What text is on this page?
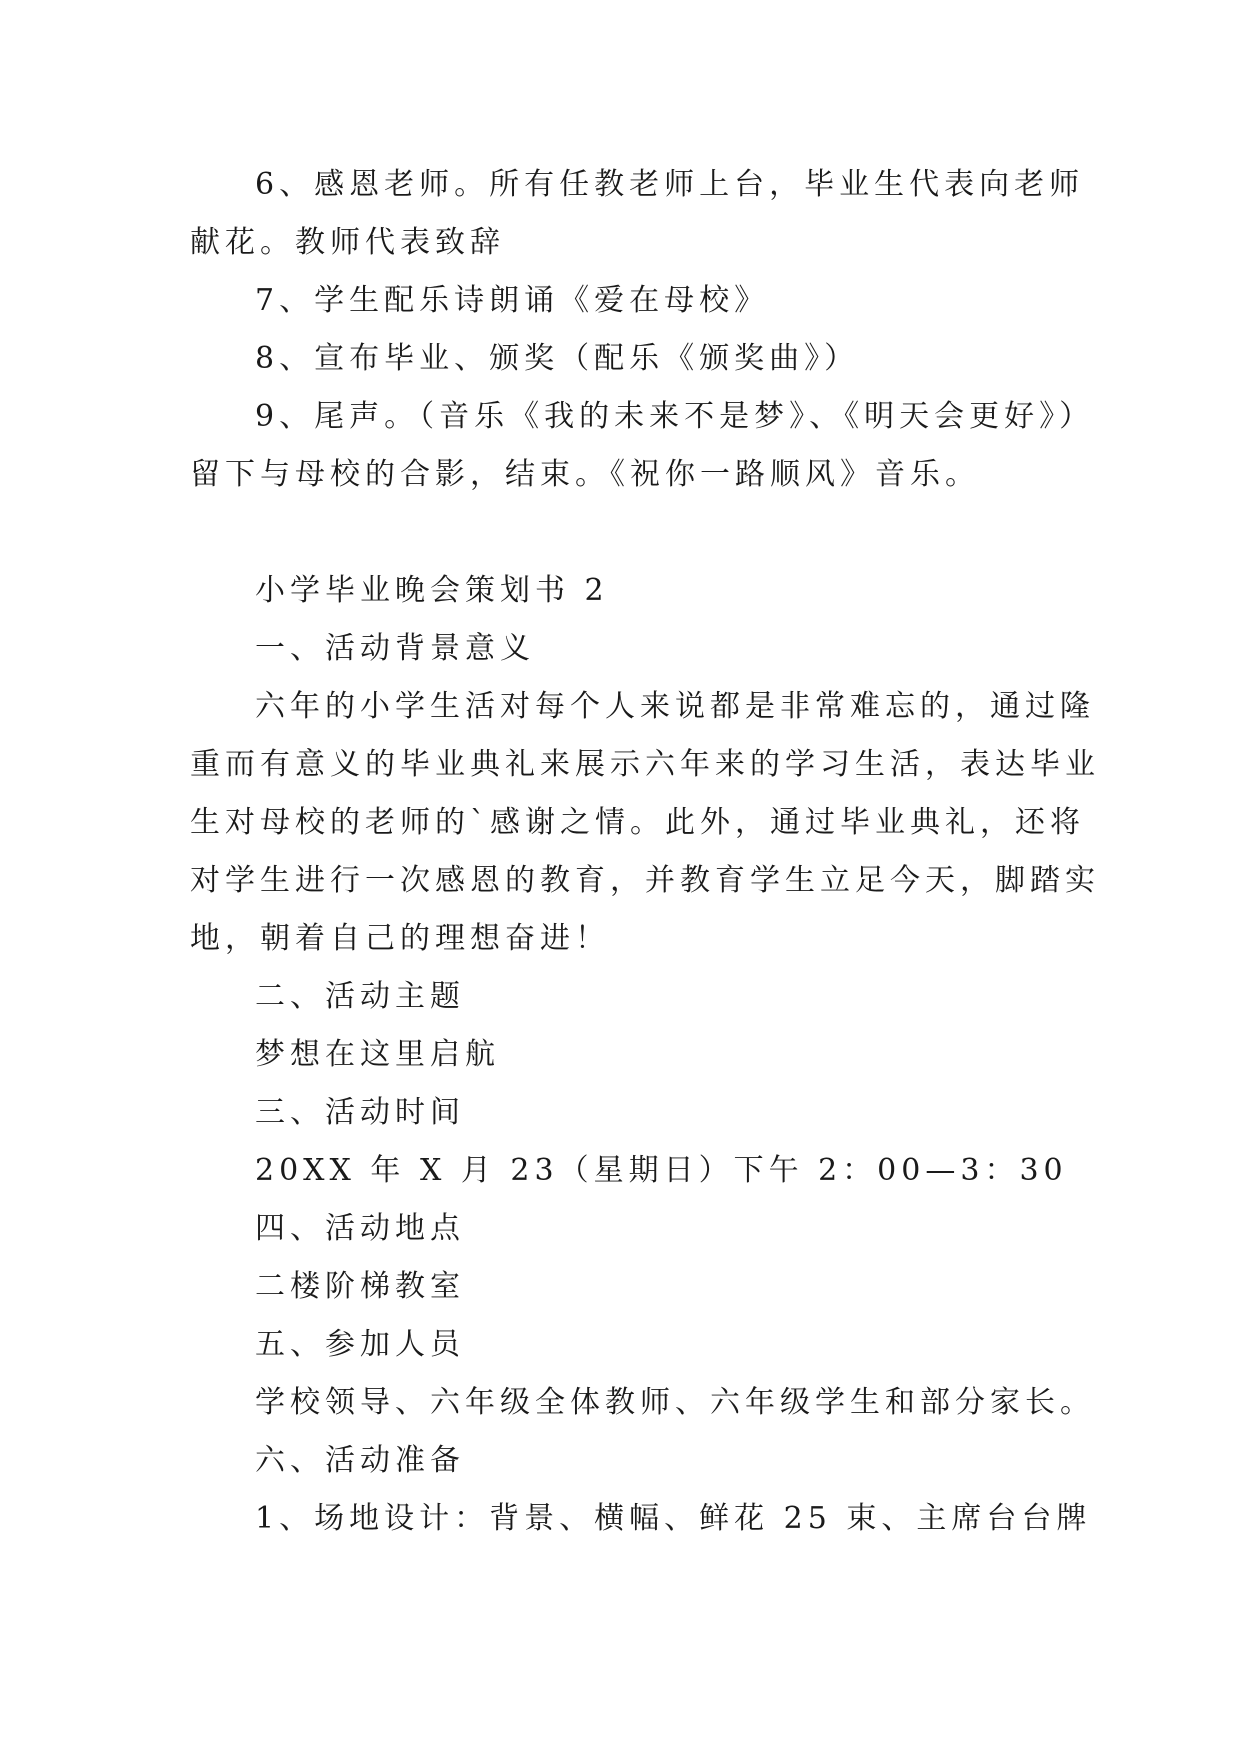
6、感恩老师。所有任教老师上台，毕业生代表向老师
献花。教师代表致辞
7、学生配乐诗朗诵《爱在母校》
8、宣布毕业、颁奖（配乐《颁奖曲》）
9、尾声。（音乐《我的未来不是梦》、《明天会更好》）
留下与母校的合影，结束。《祝你一路顺风》音乐。
小学毕业晚会策划书 2
一、活动背景意义
六年的小学生活对每个人来说都是非常难忘的，通过隆
重而有意义的毕业典礼来展示六年来的学习生活，表达毕业
生对母校的老师的`感谢之情。此外，通过毕业典礼，还将
对学生进行一次感恩的教育，并教育学生立足今天，脚踏实
地，朝着自己的理想奋进！
二、活动主题
梦想在这里启航
三、活动时间
20XX 年 X 月 23（星期日）下午 2：00—3：30
四、活动地点
二楼阶梯教室
五、参加人员
学校领导、六年级全体教师、六年级学生和部分家长。
六、活动准备
1、场地设计：背景、横幅、鲜花 25 束、主席台台牌
